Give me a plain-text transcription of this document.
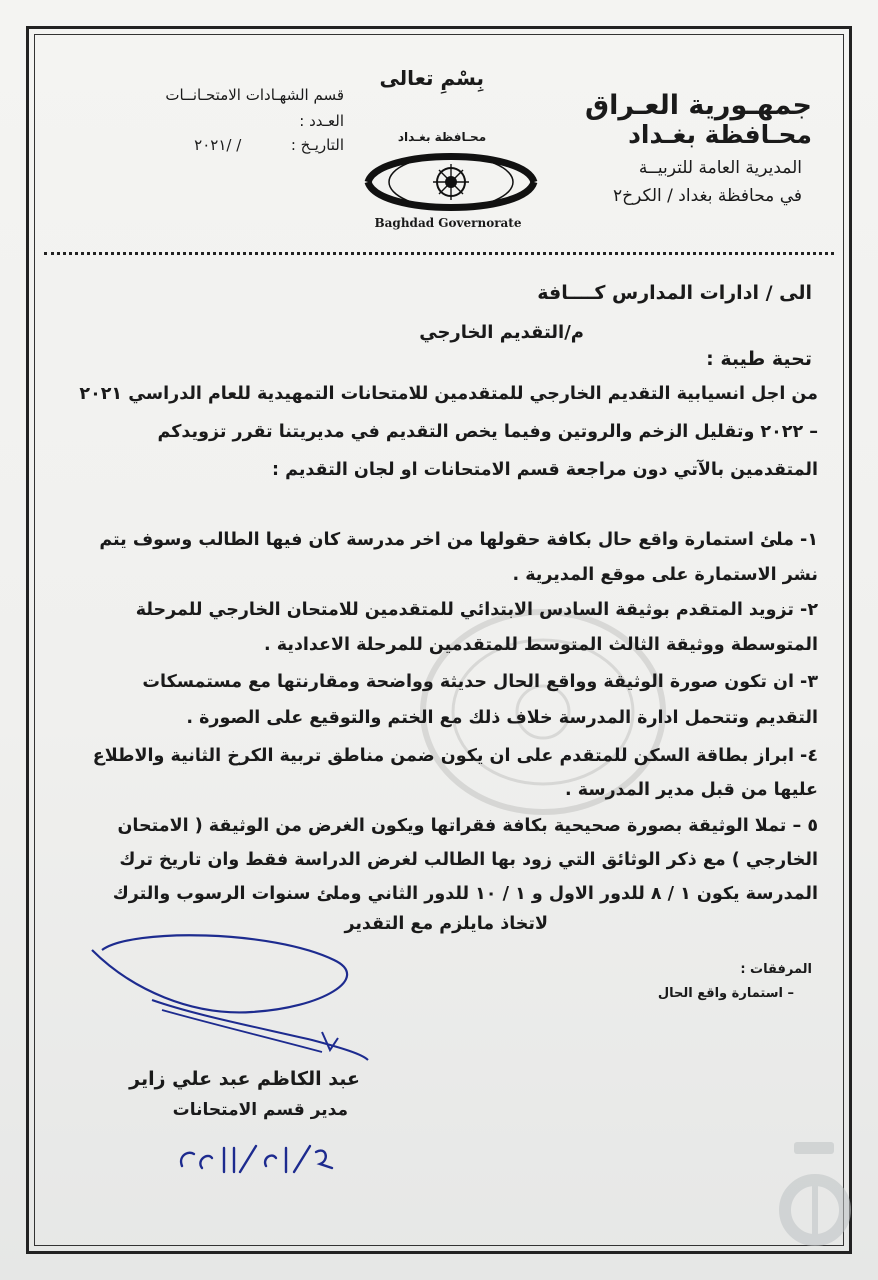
جمهـورية العـراق
محـافظة بغـداد
المديرية العامة للتربيــة
في محافظة بغداد / الكرخ٢
قسم الشهـادات الامتحـانــات
العـدد :
التاريـخ :  / /٢٠٢١
بِسْمِ تعالى
محـافظة بغـداد
Baghdad Governorate
الى / ادارات المدارس كــــافة
م/التقديم الخارجي
تحية طيبة :
من اجل انسيابية التقديم الخارجي للمتقدمين للامتحانات التمهيدية للعام الدراسي ٢٠٢١
– ٢٠٢٢ وتقليل الزخم والروتين وفيما يخص التقديم في مديريتنا تقرر تزويدكم
المتقدمين بالآتي دون مراجعة قسم الامتحانات او لجان التقديم :
١- ملئ استمارة واقع حال بكافة حقولها من اخر مدرسة كان فيها الطالب وسوف يتم
نشر الاستمارة على موقع المديرية .
٢- تزويد المتقدم بوثيقة السادس الابتدائي للمتقدمين للامتحان الخارجي للمرحلة
المتوسطة ووثيقة الثالث المتوسط للمتقدمين للمرحلة الاعدادية .
٣- ان تكون صورة الوثيقة وواقع الحال حديثة وواضحة ومقارنتها مع مستمسكات
التقديم وتتحمل ادارة المدرسة خلاف ذلك مع الختم والتوقيع على الصورة .
٤- ابراز بطاقة السكن للمتقدم على ان يكون ضمن مناطق تربية الكرخ الثانية والاطلاع
عليها من قبل مدير المدرسة .
٥ – تملا الوثيقة بصورة صحيحية بكافة فقراتها ويكون الغرض من الوثيقة ( الامتحان
الخارجي ) مع ذكر الوثائق التي زود بها الطالب لغرض الدراسة فقط وان تاريخ ترك
المدرسة يكون ١ / ٨ للدور الاول و ١ / ١٠ للدور الثاني وملئ سنوات الرسوب والترك
لاتخاذ مايلزم مع التقدير
المرفقات :
– استمارة واقع الحال
عبد الكاظم عبد علي زاير
مدير قسم الامتحانات
